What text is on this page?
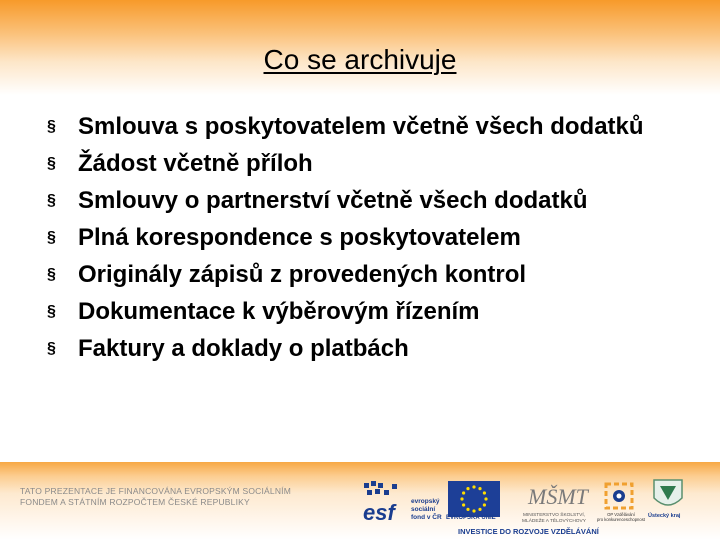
Co se archivuje
§ Smlouva s poskytovatelem včetně všech dodatků
§ Žádost včetně příloh
§ Smlouvy o partnerství včetně všech dodatků
§ Plná korespondence s poskytovatelem
§ Originály zápisů z provedených kontrol
§ Dokumentace k výběrovým řízením
§ Faktury a doklady o platbách
TATO PREZENTACE JE FINANCOVÁNA EVROPSKÝM SOCIÁLNÍM
FONDEM A STÁTNÍM ROZPOČTEM ČESKÉ REPUBLIKY	esf	evropský
sociální
fond v ČR EVROPSKÁ UNIE
MŠMT
MINISTERSTVO ŠKOLSTVÍ,
MLÁDEŽE A TĚLOVÝCHOVY
OP Vzdělávání
pro konkurenceschopnost
Ústecký kraj
INVESTICE DO ROZVOJE VZDĚLÁVÁNÍ
